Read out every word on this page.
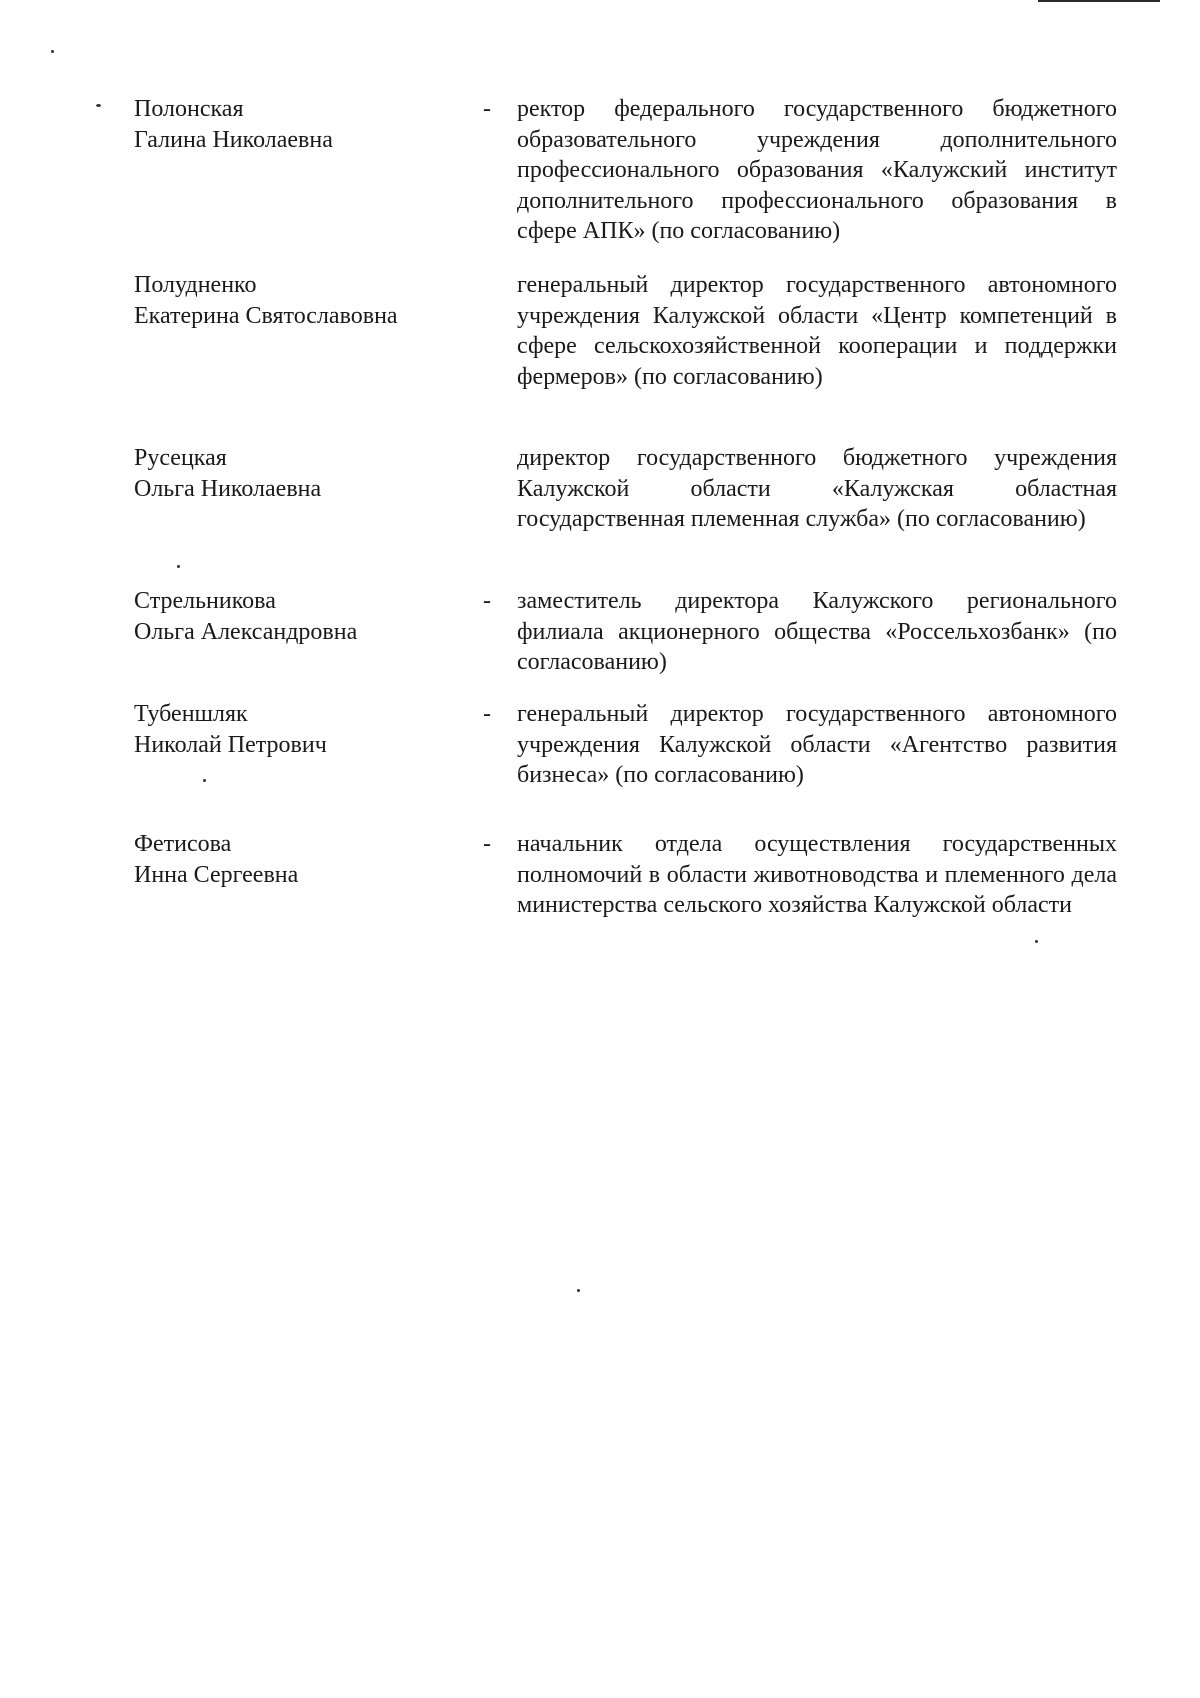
Полонская
Галина Николаевна
- ректор федерального государственного бюджетного образовательного учреждения дополнительного профессионального образования «Калужский институт дополнительного профессионального образования в сфере АПК» (по согласованию)
Полудненко
Екатерина Святославовна
генеральный директор государственного автономного учреждения Калужской области «Центр компетенций в сфере сельскохозяйственной кооперации и поддержки фермеров» (по согласованию)
Русецкая
Ольга Николаевна
директор государственного бюджетного учреждения Калужской области «Калужская областная государственная племенная служба» (по согласованию)
Стрельникова
Ольга Александровна
- заместитель директора Калужского регионального филиала акционерного общества «Россельхозбанк» (по согласованию)
Тубеншляк
Николай Петрович
- генеральный директор государственного автономного учреждения Калужской области «Агентство развития бизнеса» (по согласованию)
Фетисова
Инна Сергеевна
- начальник отдела осуществления государственных полномочий в области животноводства и племенного дела министерства сельского хозяйства Калужской области
